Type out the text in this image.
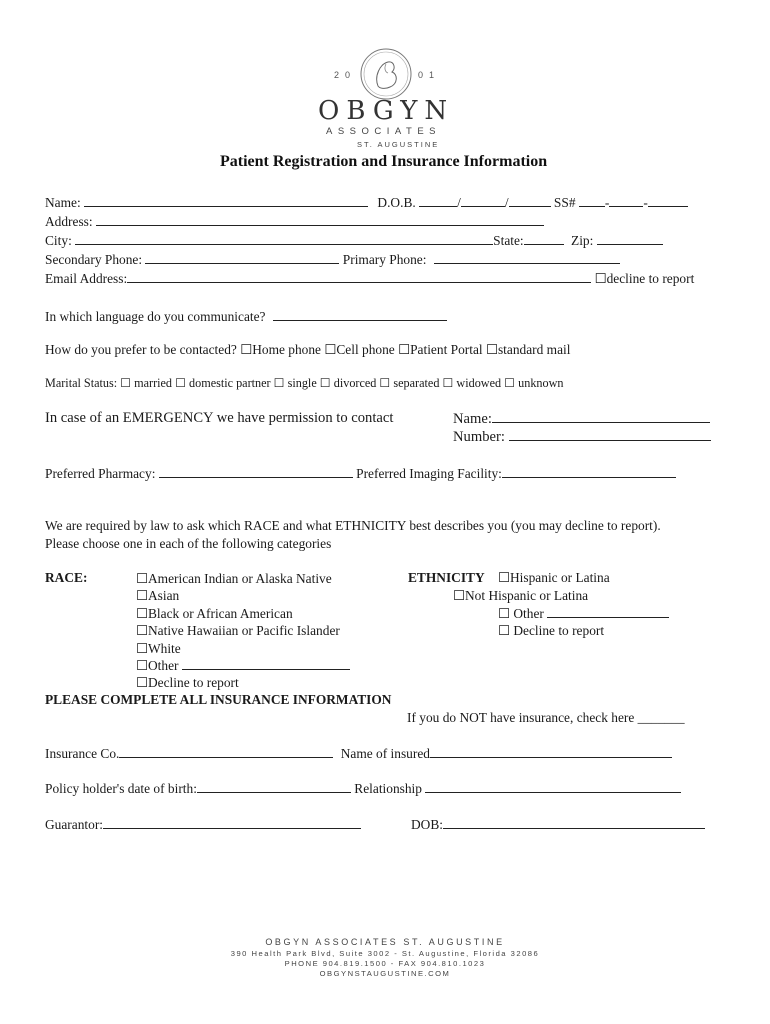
20	01
OBGYN
ASSOCIATES
ST. AUGUSTINE
Patient Registration and Insurance Information
Name:	D.O.B.	/	/	SS# -	-
Address:
City:	State:	Zip:
Secondary Phone:	Primary Phone:
Email Address:	☐decline to report
In which language do you communicate?
How do you prefer to be contacted? ☐Home phone ☐Cell phone ☐Patient Portal ☐standard mail
Marital Status: ☐ married ☐ domestic partner ☐ single ☐ divorced ☐ separated ☐ widowed ☐ unknown
In case of an EMERGENCY we have permission to contact	Name:
Number:
Preferred Pharmacy:	Preferred Imaging Facility:
We are required by law to ask which RACE and what ETHNICITY best describes you (you may decline to report).
Please choose one in each of the following categories
RACE:	☐American Indian or Alaska Native
☐Asian
☐Black or African American
☐Native Hawaiian or Pacific Islander
☐White
☐Other
☐Decline to report
ETHNICITY ☐Hispanic or Latina
☐Not Hispanic or Latina
☐ Other
☐ Decline to report
PLEASE COMPLETE ALL INSURANCE INFORMATION
If you do NOT have insurance, check here _______
Insurance Co.	Name of insured
Policy holder's date of birth:	Relationship
Guarantor:	DOB:
OBGYN ASSOCIATES ST. AUGUSTINE
390 Health Park Blvd, Suite 3002 - St. Augustine, Florida 32086
PHONE 904.819.1500 - FAX 904.810.1023
OBGYNSTAUGUSTINE.COM
